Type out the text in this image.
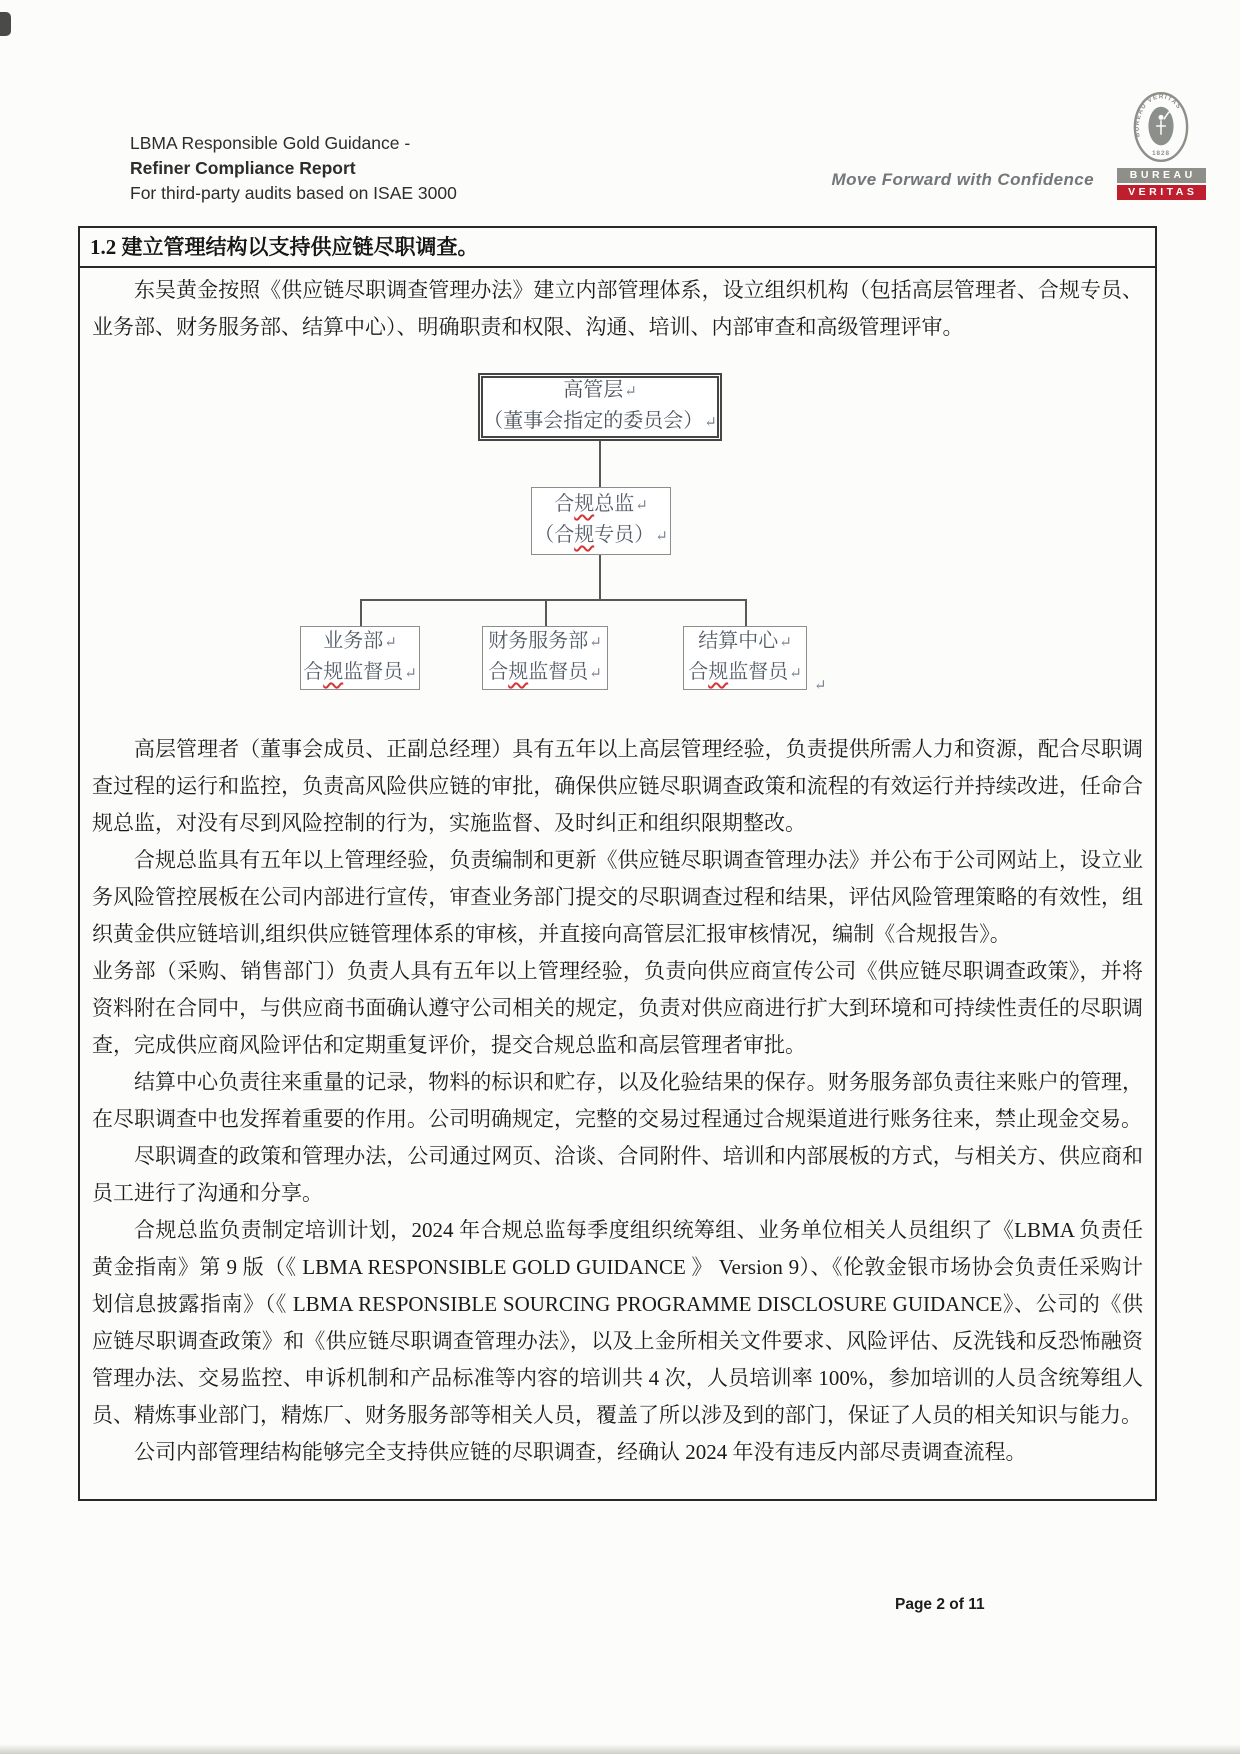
LBMA Responsible Gold Guidance -
Refiner Compliance Report
For third-party audits based on ISAE 3000
Move Forward with Confidence
BUREAU VERITAS
1828
BUREAU
VERITAS
1.2 建立管理结构以支持供应链尽职调查。

东吴黄金按照《供应链尽职调查管理办法》建立内部管理体系，设立组织机构（包括高层管理者、合规专员、业务部、财务服务部、结算中心）、明确职责和权限、沟通、培训、内部审查和高级管理评审。

高管层↵
（董事会指定的委员会）↵
合规总监↵
（合规专员）↵
业务部↵
合规监督员↵
财务服务部↵
合规监督员↵
结算中心↵
合规监督员↵
↵

高层管理者（董事会成员、正副总经理）具有五年以上高层管理经验，负责提供所需人力和资源，配合尽职调查过程的运行和监控，负责高风险供应链的审批，确保供应链尽职调查政策和流程的有效运行并持续改进，任命合规总监，对没有尽到风险控制的行为，实施监督、及时纠正和组织限期整改。

合规总监具有五年以上管理经验，负责编制和更新《供应链尽职调查管理办法》并公布于公司网站上，设立业务风险管控展板在公司内部进行宣传，审查业务部门提交的尽职调查过程和结果，评估风险管理策略的有效性，组织黄金供应链培训,组织供应链管理体系的审核，并直接向高管层汇报审核情况，编制《合规报告》。

业务部（采购、销售部门）负责人具有五年以上管理经验，负责向供应商宣传公司《供应链尽职调查政策》，并将资料附在合同中，与供应商书面确认遵守公司相关的规定，负责对供应商进行扩大到环境和可持续性责任的尽职调查，完成供应商风险评估和定期重复评价，提交合规总监和高层管理者审批。

结算中心负责往来重量的记录，物料的标识和贮存，以及化验结果的保存。财务服务部负责往来账户的管理，在尽职调查中也发挥着重要的作用。公司明确规定，完整的交易过程通过合规渠道进行账务往来，禁止现金交易。

尽职调查的政策和管理办法，公司通过网页、洽谈、合同附件、培训和内部展板的方式，与相关方、供应商和员工进行了沟通和分享。

合规总监负责制定培训计划，2024 年合规总监每季度组织统筹组、业务单位相关人员组织了《LBMA 负责任黄金指南》第 9 版（《 LBMA RESPONSIBLE GOLD GUIDANCE 》 Version 9）、《伦敦金银市场协会负责任采购计划信息披露指南》（《 LBMA RESPONSIBLE SOURCING PROGRAMME DISCLOSURE GUIDANCE》、公司的《供应链尽职调查政策》和《供应链尽职调查管理办法》，以及上金所相关文件要求、风险评估、反洗钱和反恐怖融资管理办法、交易监控、申诉机制和产品标准等内容的培训共 4 次，人员培训率 100%，参加培训的人员含统筹组人员、精炼事业部门，精炼厂、财务服务部等相关人员，覆盖了所以涉及到的部门，保证了人员的相关知识与能力。

公司内部管理结构能够完全支持供应链的尽职调查，经确认 2024 年没有违反内部尽责调查流程。

Page 2 of 11
